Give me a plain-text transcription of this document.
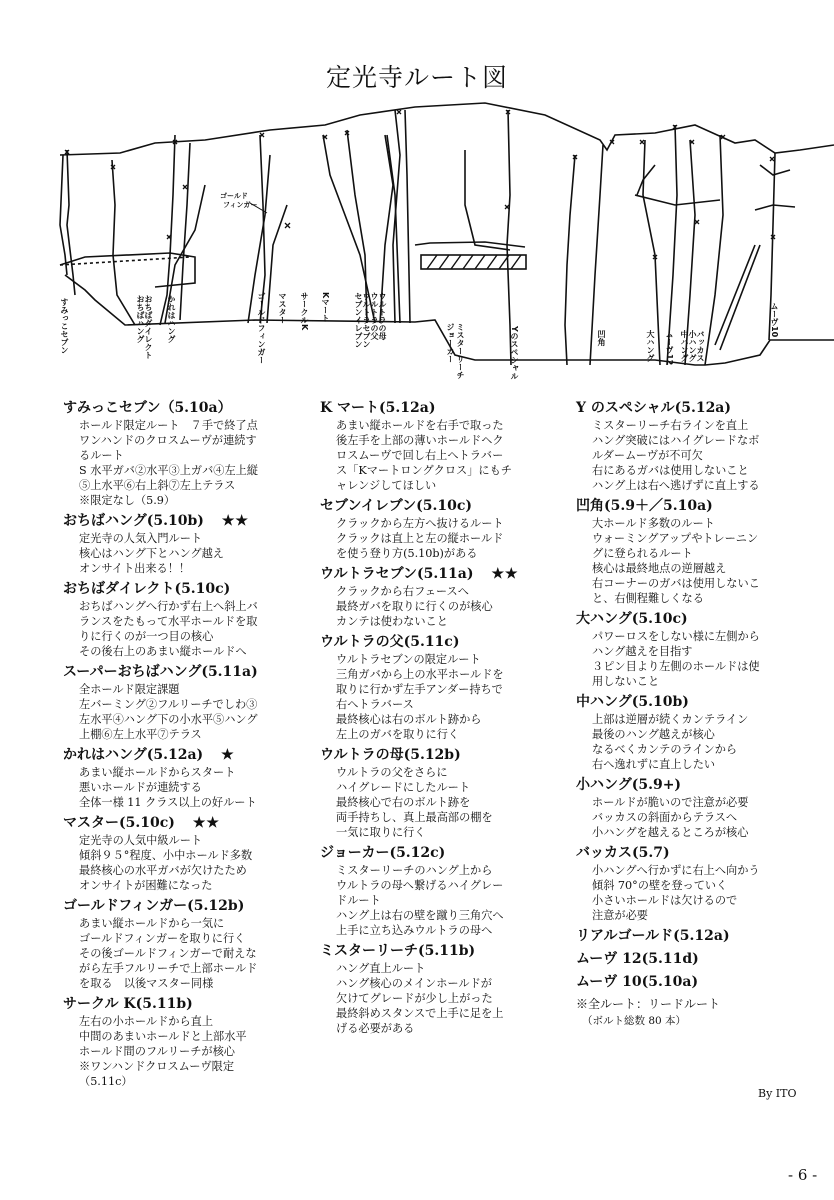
定光寺ルート図
ゴールド
フィンガー
すみっこセブン	おちばハング おちばダイレクト かれはハング	ゴールドフィンガー マスター サークルK Kマート	セブンイレブン ウルトラセブン ウルトラの父 ウルトラの母
ジョーカー ミスターリーチ	Yのスペシャル	凹角	大ハング ムーヴ12 中ハング 小ハング バッカス
ムーヴ10
すみっこセブン（5.10a）
ホールド限定ルート　７手で終了点
ワンハンドのクロスムーヴが連続す
るルート
S 水平ガバ②水平③上ガバ④左上縦
⑤上水平⑥右上斜⑦左上テラス
※限定なし（5.9）
おちばハング(5.10b) ★★
定光寺の人気入門ルート
核心はハング下とハング越え
オンサイト出来る！！
おちばダイレクト(5.10c)
おちばハングへ行かず右上へ斜上バ
ランスをたもって水平ホールドを取
りに行くのが一つ目の核心
その後右上のあまい縦ホールドへ
スーパーおちばハング(5.11a)
全ホールド限定課題
左バーミング②フルリーチでしわ③
左水平④ハング下の小水平⑤ハング
上棚⑥左上水平⑦テラス
かれはハング(5.12a) ★
あまい縦ホールドからスタート
悪いホールドが連続する
全体一様 11 クラス以上の好ルート
マスター(5.10c) ★★
定光寺の人気中級ルート
傾斜９５°程度、小中ホールド多数
最終核心の水平ガバが欠けたため
オンサイトが困難になった
ゴールドフィンガー(5.12b)
あまい縦ホールドから一気に
ゴールドフィンガーを取りに行く
その後ゴールドフィンガーで耐えな
がら左手フルリーチで上部ホールド
を取る　以後マスター同様
サークル K(5.11b)
左右の小ホールドから直上
中間のあまいホールドと上部水平
ホールド間のフルリーチが核心
※ワンハンドクロスムーヴ限定
（5.11c）
K マート(5.12a)
あまい縦ホールドを右手で取った
後左手を上部の薄いホールドヘク
ロスムーヴで回し右上へトラバー
ス「Kマートロングクロス」にもチ
ャレンジしてほしい
セブンイレブン(5.10c)
クラックから左方へ抜けるルート
クラックは直上と左の縦ホールド
を使う登り方(5.10b)がある
ウルトラセブン(5.11a) ★★
クラックから右フェースへ
最終ガバを取りに行くのが核心
カンテは使わないこと
ウルトラの父(5.11c)
ウルトラセブンの限定ルート
三角ガバから上の水平ホールドを
取りに行かず左手アンダー持ちで
右へトラバース
最終核心は右のボルト跡から
左上のガバを取りに行く
ウルトラの母(5.12b)
ウルトラの父をさらに
ハイグレードにしたルート
最終核心で右のボルト跡を
両手持ちし、真上最高部の棚を
一気に取りに行く
ジョーカー(5.12c)
ミスターリーチのハング上から
ウルトラの母へ繋げるハイグレー
ドルート
ハング上は右の壁を蹴り三角穴へ
上手に立ち込みウルトラの母へ
ミスターリーチ(5.11b)
ハング直上ルート
ハング核心のメインホールドが
欠けてグレードが少し上がった
最終斜めスタンスで上手に足を上
げる必要がある
Y のスペシャル(5.12a)
ミスターリーチ右ラインを直上
ハング突破にはハイグレードなボ
ルダームーヴが不可欠
右にあるガバは使用しないこと
ハング上は右へ逃げずに直上する
凹角(5.9＋／5.10a)
大ホールド多数のルート
ウォーミングアップやトレーニン
グに登られるルート
核心は最終地点の逆層越え
右コーナーのガバは使用しないこ
と、右側程難しくなる
大ハング(5.10c)
パワーロスをしない様に左側から
ハング越えを目指す
３ピン目より左側のホールドは使
用しないこと
中ハング(5.10b)
上部は逆層が続くカンテライン
最後のハング越えが核心
なるべくカンテのラインから
右へ逸れずに直上したい
小ハング(5.9+)
ホールドが脆いので注意が必要
バッカスの斜面からテラスへ
小ハングを越えるところが核心
バッカス(5.7)
小ハングへ行かずに右上へ向かう
傾斜 70°の壁を登っていく
小さいホールドは欠けるので
注意が必要
リアルゴールド(5.12a)
ムーヴ 12(5.11d)
ムーヴ 10(5.10a)
※全ルート：リードルート
（ボルト総数 80 本）
By ITO
- 6 -
